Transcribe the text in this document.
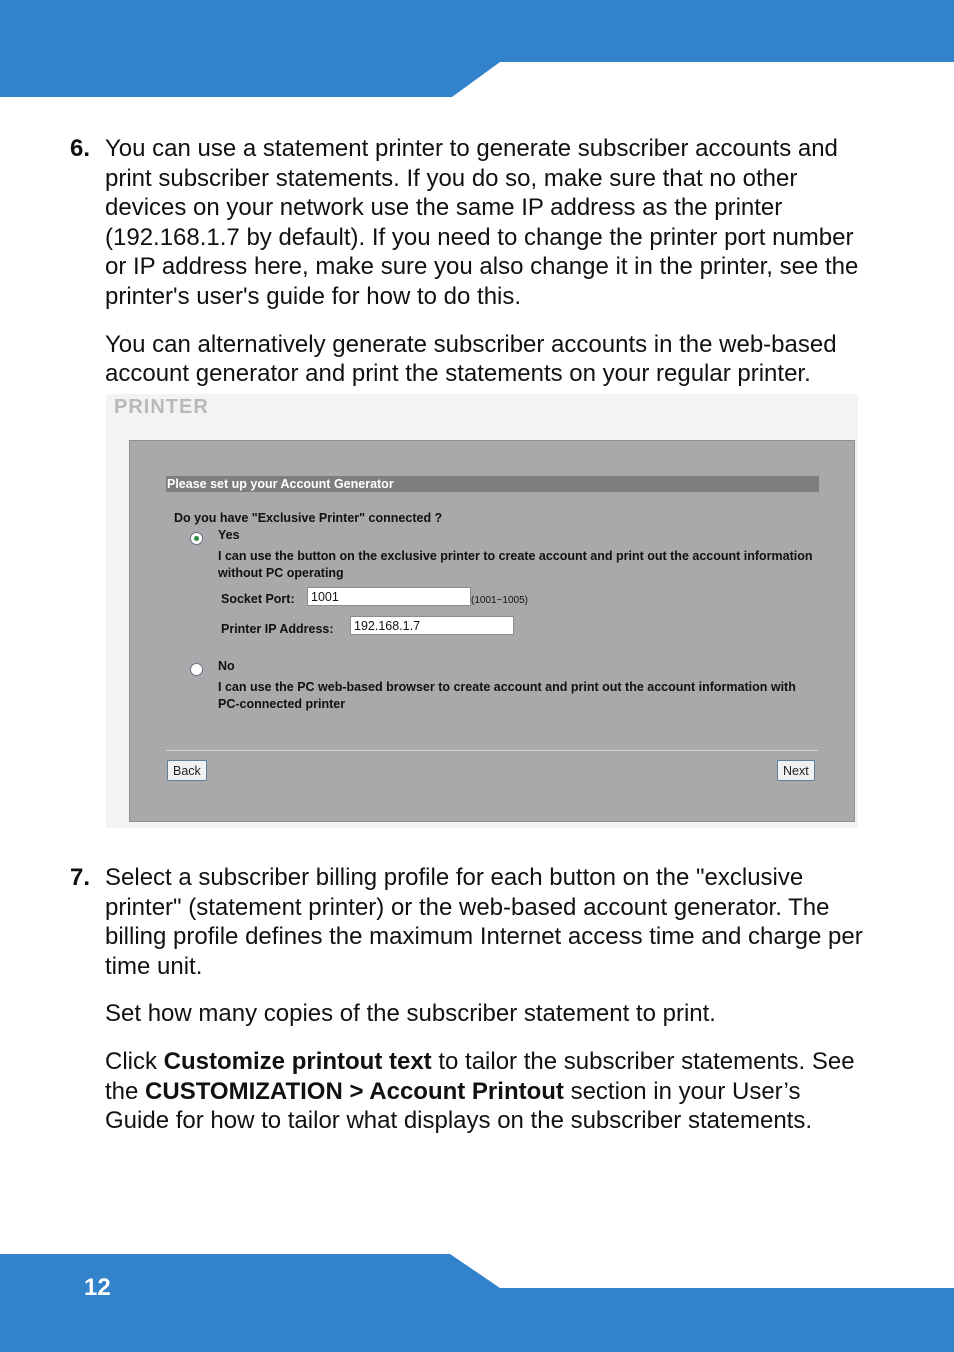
6. You can use a statement printer to generate subscriber accounts and print subscriber statements. If you do so, make sure that no other devices on your network use the same IP address as the printer (192.168.1.7 by default). If you need to change the printer port number or IP address here, make sure you also change it in the printer, see the printer's user's guide for how to do this.

You can alternatively generate subscriber accounts in the web-based account generator and print the statements on your regular printer.

PRINTER
Please set up your Account Generator
Do you have "Exclusive Printer" connected ?
Yes
I can use the button on the exclusive printer to create account and print out the account information without PC operating
Socket Port:
1001	(1001~1005)
Printer IP Address:
192.168.1.7
No
I can use the PC web-based browser to create account and print out the account information with PC-connected printer
Back	Next
7. Select a subscriber billing profile for each button on the "exclusive printer" (statement printer) or the web-based account generator. The billing profile defines the maximum Internet access time and charge per time unit.

Set how many copies of the subscriber statement to print.

Click Customize printout text to tailor the subscriber statements. See the CUSTOMIZATION > Account Printout section in your User’s Guide for how to tailor what displays on the subscriber statements.

12
